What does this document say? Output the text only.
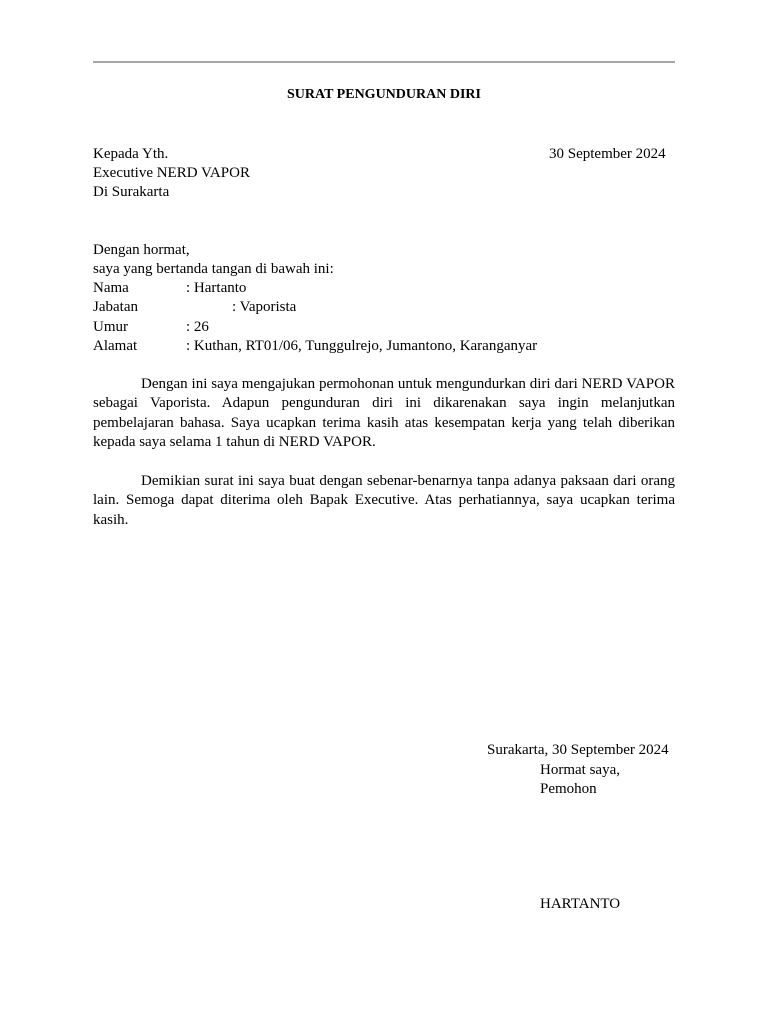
SURAT PENGUNDURAN DIRI
Kepada Yth.	30 September 2024
Executive NERD VAPOR
Di Surakarta
Dengan hormat,
saya yang bertanda tangan di bawah ini:
Nama	: Hartanto
Jabatan	: Vaporista
Umur	: 26
Alamat	: Kuthan, RT01/06, Tunggulrejo, Jumantono, Karanganyar
Dengan ini saya mengajukan permohonan untuk mengundurkan diri dari NERD VAPOR sebagai Vaporista. Adapun pengunduran diri ini dikarenakan saya ingin melanjutkan pembelajaran bahasa. Saya ucapkan terima kasih atas kesempatan kerja yang telah diberikan kepada saya selama 1 tahun di NERD VAPOR.
Demikian surat ini saya buat dengan sebenar-benarnya tanpa adanya paksaan dari orang lain. Semoga dapat diterima oleh Bapak Executive. Atas perhatiannya, saya ucapkan terima kasih.
Surakarta, 30 September 2024
Hormat saya,
Pemohon
HARTANTO
